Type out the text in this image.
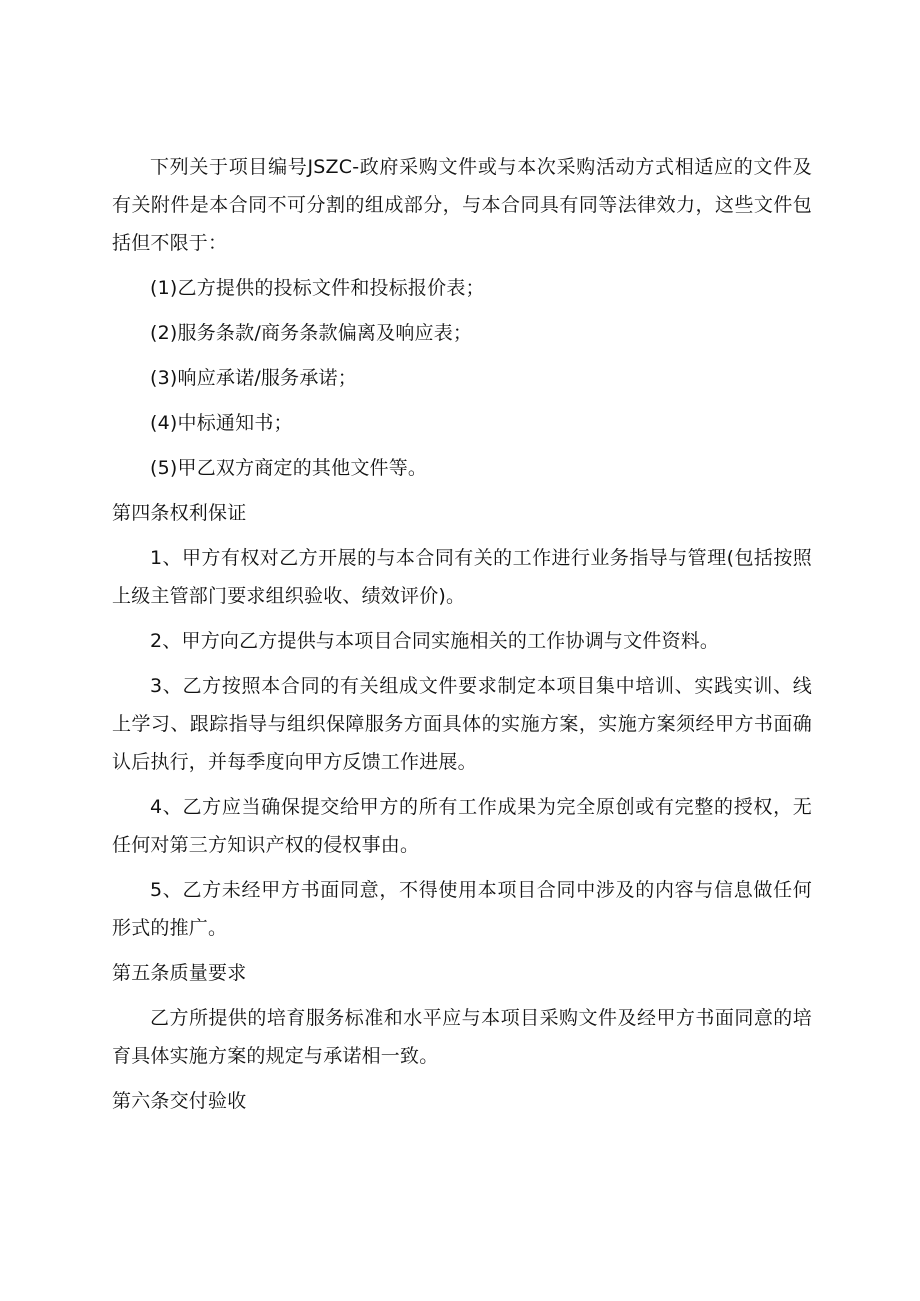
下列关于项目编号JSZC-政府采购文件或与本次采购活动方式相适应的文件及有关附件是本合同不可分割的组成部分，与本合同具有同等法律效力，这些文件包括但不限于：

(1)乙方提供的投标文件和投标报价表；

(2)服务条款/商务条款偏离及响应表；

(3)响应承诺/服务承诺；

(4)中标通知书；

(5)甲乙双方商定的其他文件等。

第四条权利保证

1、甲方有权对乙方开展的与本合同有关的工作进行业务指导与管理(包括按照上级主管部门要求组织验收、绩效评价)。

2、甲方向乙方提供与本项目合同实施相关的工作协调与文件资料。

3、乙方按照本合同的有关组成文件要求制定本项目集中培训、实践实训、线上学习、跟踪指导与组织保障服务方面具体的实施方案，实施方案须经甲方书面确认后执行，并每季度向甲方反馈工作进展。

4、乙方应当确保提交给甲方的所有工作成果为完全原创或有完整的授权，无任何对第三方知识产权的侵权事由。

5、乙方未经甲方书面同意，不得使用本项目合同中涉及的内容与信息做任何形式的推广。

第五条质量要求

乙方所提供的培育服务标准和水平应与本项目采购文件及经甲方书面同意的培育具体实施方案的规定与承诺相一致。

第六条交付验收
